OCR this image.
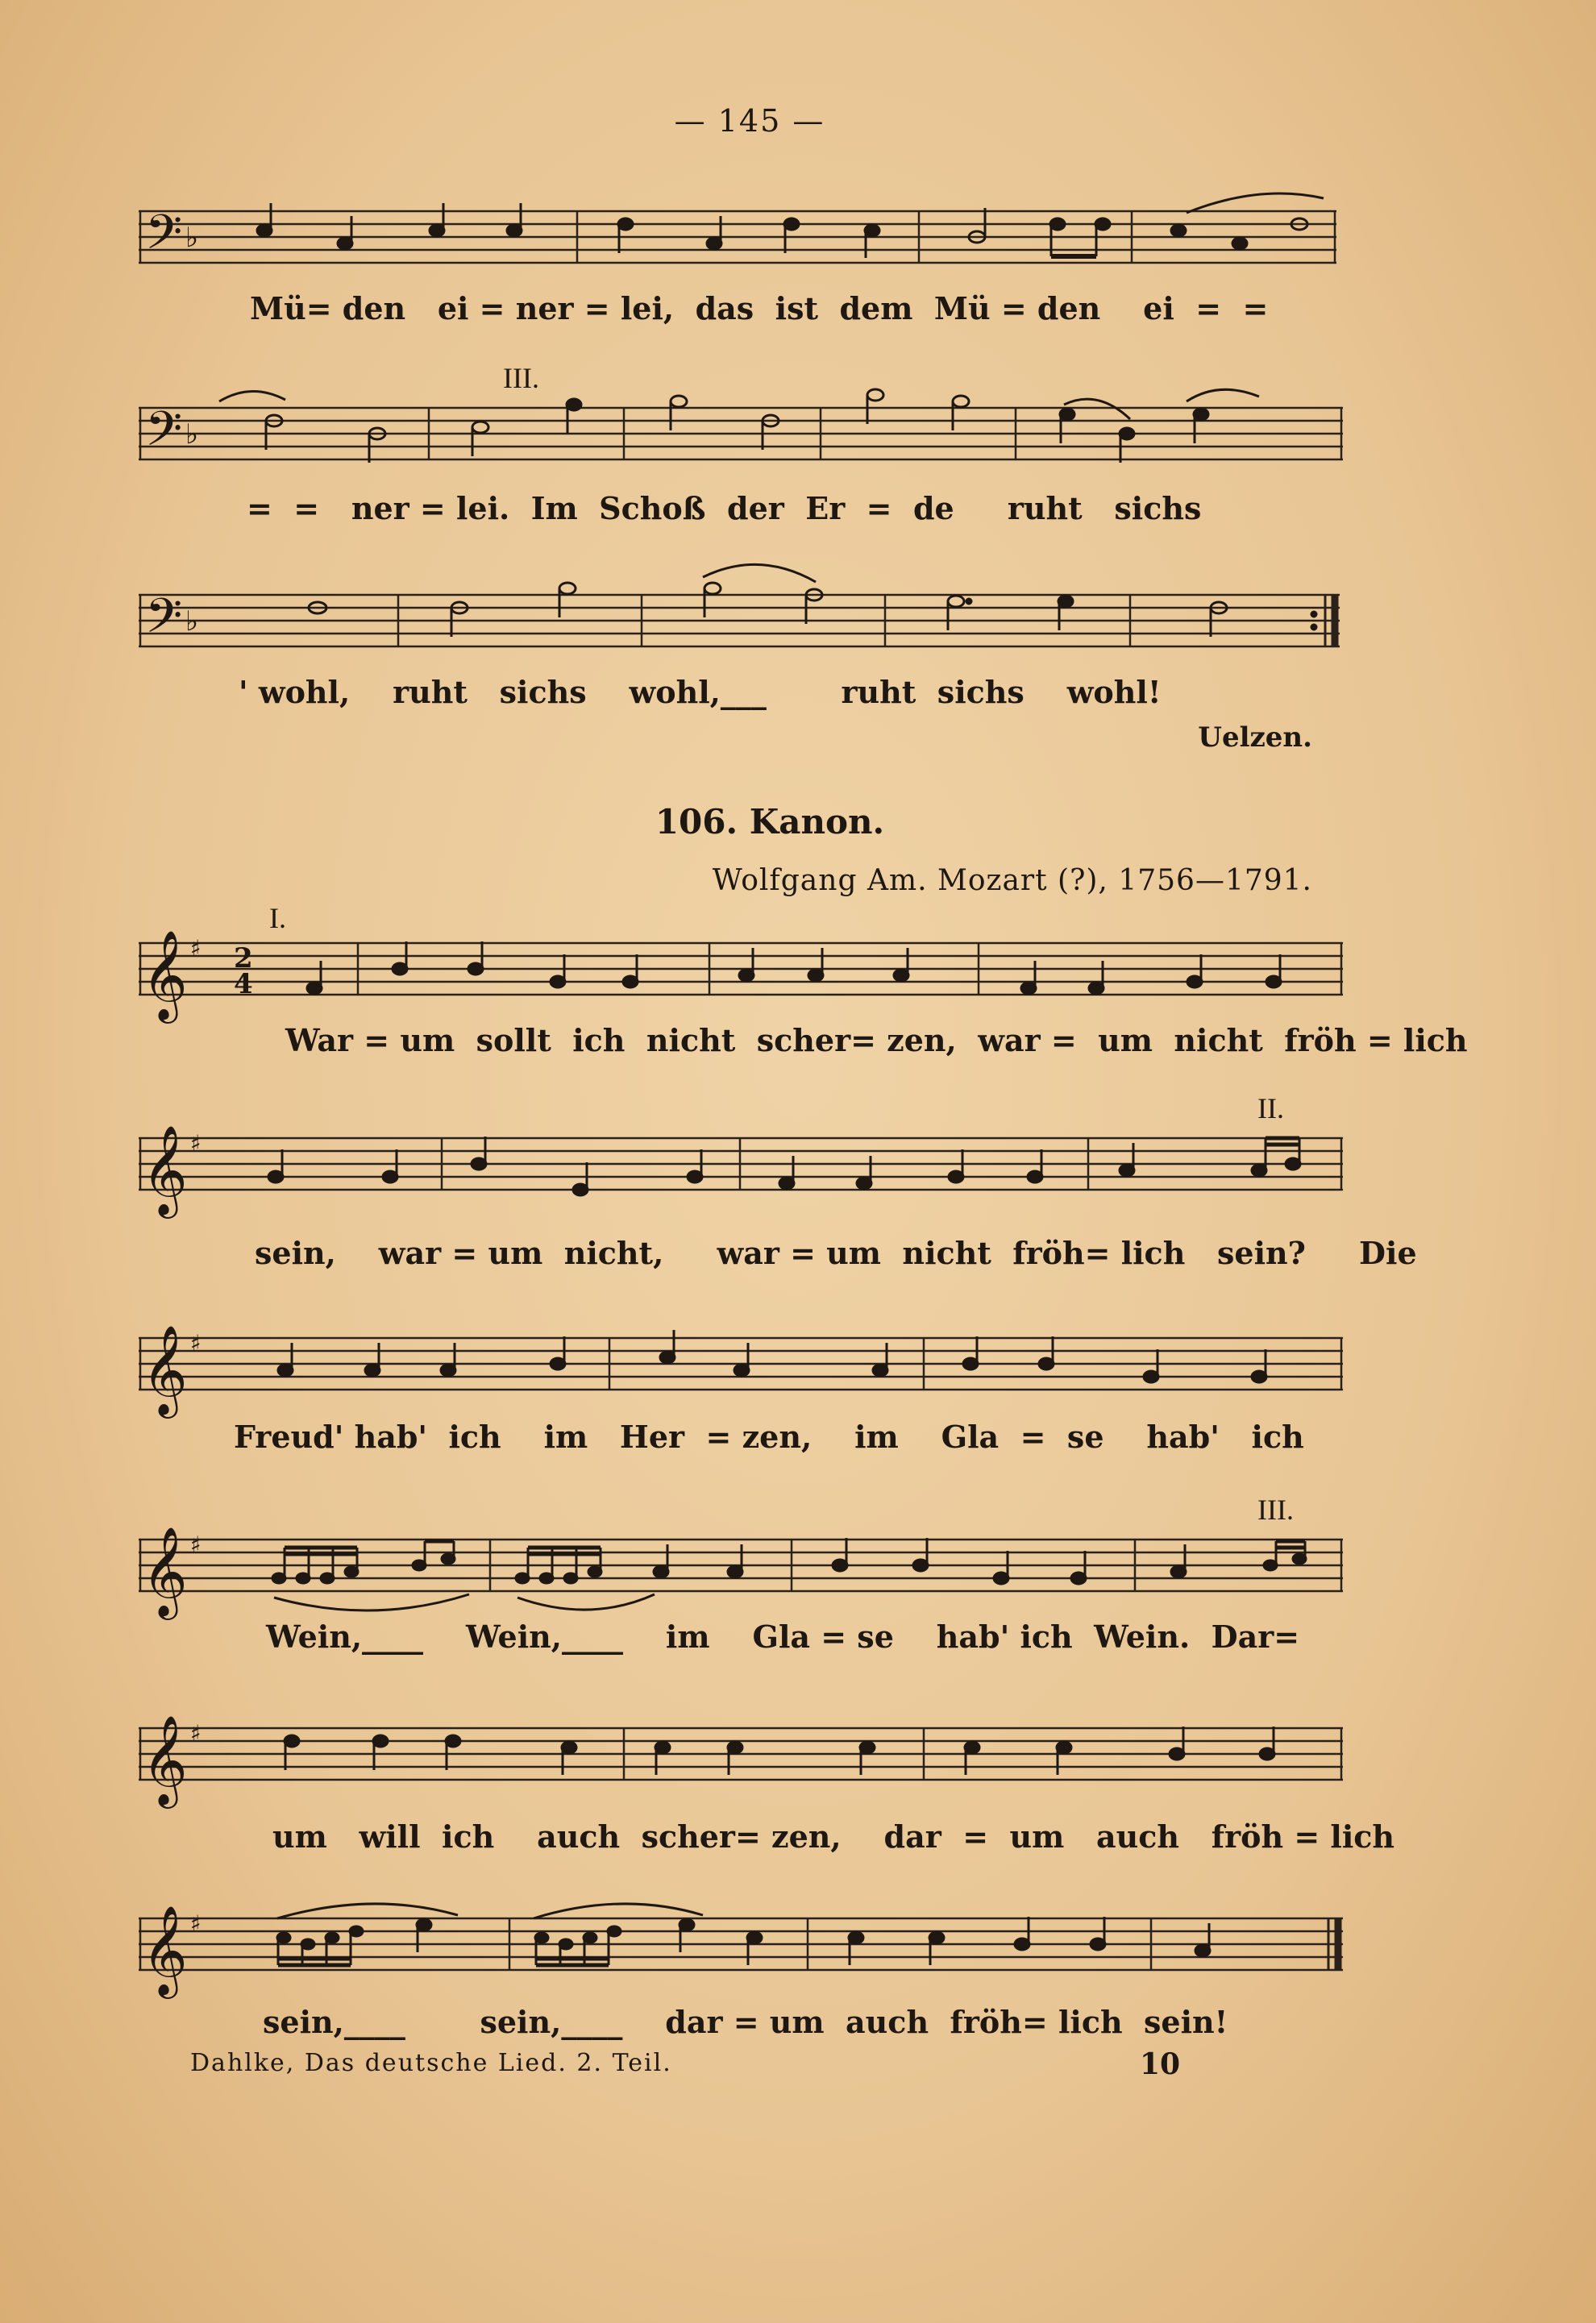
— 145 —
𝄢 ♭
Mü= den   ei = ner = lei,  das  ist  dem  Mü = den    ei  =  =
III.
𝄢 ♭
=  =   ner = lei.  Im  Schoß  der  Er  =  de     ruht   sichs
𝄢 ♭
' wohl,    ruht   sichs    wohl,___       ruht  sichs    wohl!
Uelzen.
106. Kanon.
Wolfgang Am. Mozart (?), 1756—1791.
I.
𝄞 ♯ 2
4
War = um  sollt  ich  nicht  scher= zen,  war =  um  nicht  fröh = lich
II.
𝄞 ♯
sein,    war = um  nicht,     war = um  nicht  fröh= lich   sein?     Die
𝄞 ♯
Freud' hab'  ich    im   Her  = zen,    im    Gla  =  se    hab'   ich
III.
𝄞 ♯
Wein,____    Wein,____    im    Gla = se    hab' ich  Wein.  Dar=
𝄞 ♯
um   will  ich    auch  scher= zen,    dar  =  um   auch   fröh = lich
𝄞 ♯
sein,____       sein,____    dar = um  auch  fröh= lich  sein!
Dahlke, Das deutsche Lied. 2. Teil.	10
